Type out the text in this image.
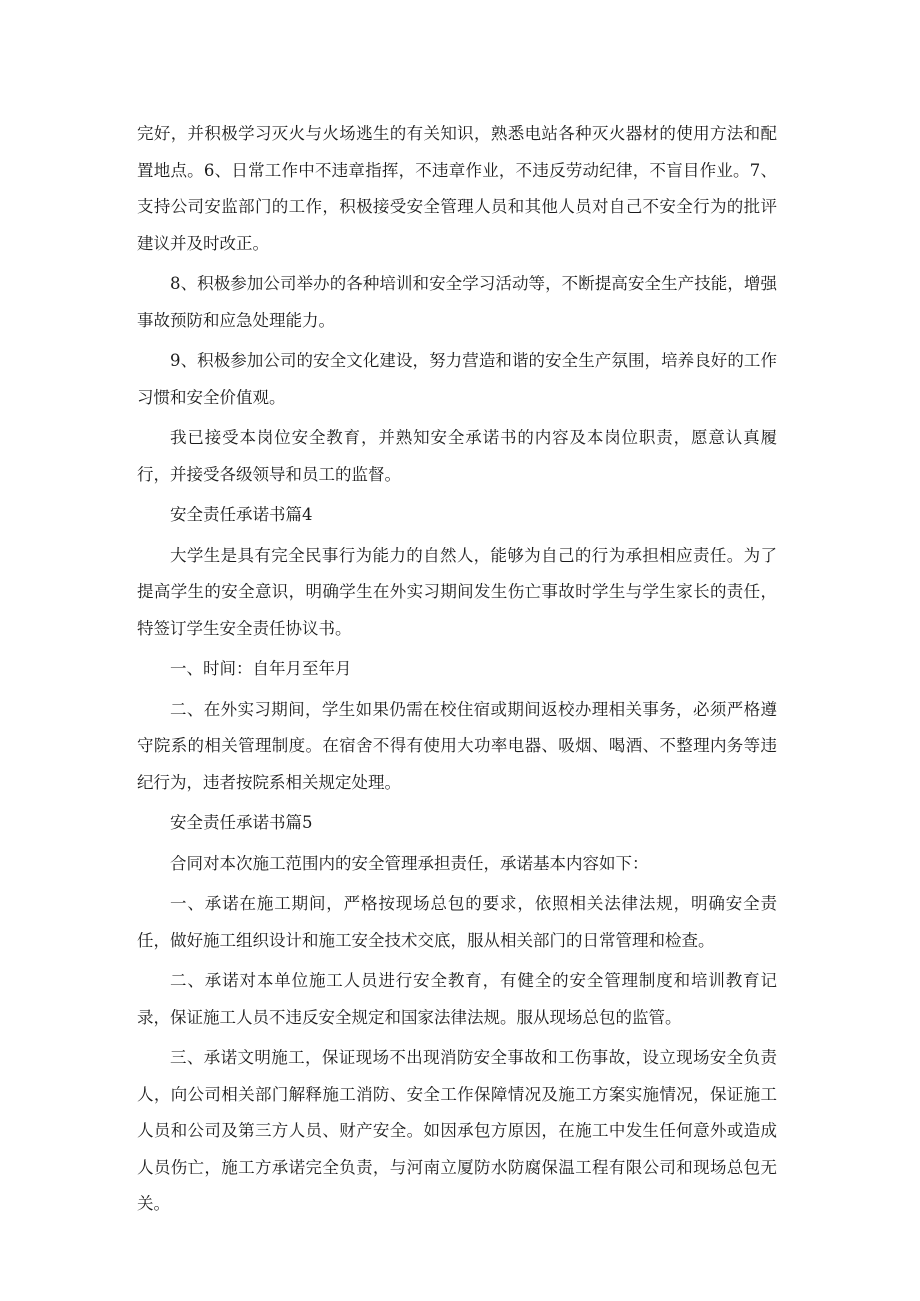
完好，并积极学习灭火与火场逃生的有关知识，熟悉电站各种灭火器材的使用方法和配置地点。6、日常工作中不违章指挥，不违章作业，不违反劳动纪律，不盲目作业。7、支持公司安监部门的工作，积极接受安全管理人员和其他人员对自己不安全行为的批评建议并及时改正。

8、积极参加公司举办的各种培训和安全学习活动等，不断提高安全生产技能，增强事故预防和应急处理能力。

9、积极参加公司的安全文化建设，努力营造和谐的安全生产氛围，培养良好的工作习惯和安全价值观。

我已接受本岗位安全教育，并熟知安全承诺书的内容及本岗位职责，愿意认真履行，并接受各级领导和员工的监督。

安全责任承诺书篇4

大学生是具有完全民事行为能力的自然人，能够为自己的行为承担相应责任。为了提高学生的安全意识，明确学生在外实习期间发生伤亡事故时学生与学生家长的责任，特签订学生安全责任协议书。

一、时间：自年月至年月

二、在外实习期间，学生如果仍需在校住宿或期间返校办理相关事务，必须严格遵守院系的相关管理制度。在宿舍不得有使用大功率电器、吸烟、喝酒、不整理内务等违纪行为，违者按院系相关规定处理。

安全责任承诺书篇5

合同对本次施工范围内的安全管理承担责任，承诺基本内容如下：

一、承诺在施工期间，严格按现场总包的要求，依照相关法律法规，明确安全责任，做好施工组织设计和施工安全技术交底，服从相关部门的日常管理和检查。

二、承诺对本单位施工人员进行安全教育，有健全的安全管理制度和培训教育记录，保证施工人员不违反安全规定和国家法律法规。服从现场总包的监管。

三、承诺文明施工，保证现场不出现消防安全事故和工伤事故，设立现场安全负责人，向公司相关部门解释施工消防、安全工作保障情况及施工方案实施情况，保证施工人员和公司及第三方人员、财产安全。如因承包方原因，在施工中发生任何意外或造成人员伤亡，施工方承诺完全负责，与河南立厦防水防腐保温工程有限公司和现场总包无关。
